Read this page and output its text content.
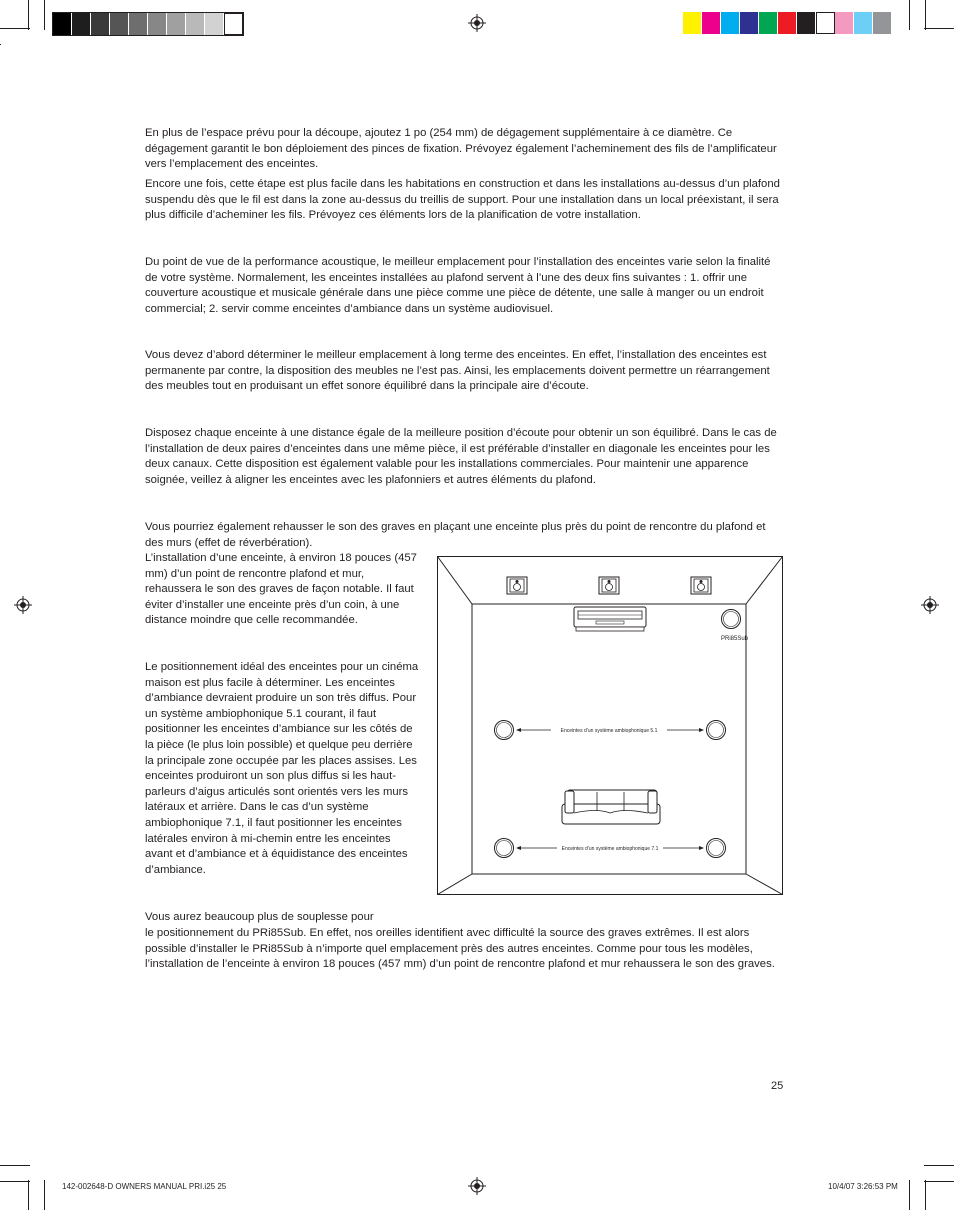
En plus de l’espace prévu pour la découpe, ajoutez 1 po (254 mm) de dégagement supplémentaire à ce diamètre. Ce dégagement garantit le bon déploiement des pinces de fixation. Prévoyez également l’acheminement des fils de l’amplificateur vers l’emplacement des enceintes.

Encore une fois, cette étape est plus facile dans les habitations en construction et dans les installations au-dessus d’un plafond suspendu dès que le fil est dans la zone au-dessus du treillis de support. Pour une installation dans un local préexistant, il sera plus difficile d’acheminer les fils. Prévoyez ces éléments lors de la planification de votre installation.

Du point de vue de la performance acoustique, le meilleur emplacement pour l’installation des enceintes varie selon la finalité de votre système. Normalement, les enceintes installées au plafond servent à l’une des deux fins suivantes : 1. offrir une couverture acoustique et musicale générale dans une pièce comme une pièce de détente, une salle à manger ou un endroit commercial; 2. servir comme enceintes d’ambiance dans un système audiovisuel.

Vous devez d’abord déterminer le meilleur emplacement à long terme des enceintes. En effet, l’installation des enceintes est permanente par contre, la disposition des meubles ne l’est pas. Ainsi, les emplacements doivent permettre un réarrangement des meubles tout en produisant un effet sonore équilibré dans la principale aire d’écoute.

Disposez chaque enceinte à une distance égale de la meilleure position d’écoute pour obtenir un son équilibré. Dans le cas de l’installation de deux paires d’enceintes dans une même pièce, il est préférable d’installer en diagonale les enceintes pour les deux canaux. Cette disposition est également valable pour les installations commerciales. Pour maintenir une apparence soignée, veillez à aligner les enceintes avec les plafonniers et autres éléments du plafond.

Vous pourriez également rehausser le son des graves en plaçant une enceinte plus près du point de rencontre du plafond et des murs (effet de réverbération).

L’installation d’une enceinte, à environ 18 pouces (457 mm) d’un point de rencontre plafond et mur, rehaussera le son des graves de façon notable. Il faut éviter d’installer une enceinte près d’un coin, à une distance moindre que celle recommandée.

Le positionnement idéal des enceintes pour un cinéma maison est plus facile à déterminer. Les enceintes d’ambiance devraient produire un son très diffus. Pour un système ambiophonique 5.1 courant, il faut positionner les enceintes d’ambiance sur les côtés de la pièce (le plus loin possible) et quelque peu derrière la principale zone occupée par les places assises. Les enceintes produiront un son plus diffus si les haut-parleurs d’aigus articulés sont orientés vers les murs latéraux et arrière. Dans le cas d’un système ambiophonique 7.1, il faut positionner les enceintes latérales environ à mi-chemin entre les enceintes avant et d’ambiance et à équidistance des enceintes d’ambiance.

Vous aurez beaucoup plus de souplesse pour

le positionnement du PRi85Sub. En effet, nos oreilles identifient avec difficulté la source des graves extrêmes. Il est alors possible d’installer le PRi85Sub à n’importe quel emplacement près des autres enceintes. Comme pour tous les modèles, l’installation de l’enceinte à environ 18 pouces (457 mm) d’un point de rencontre plafond et mur rehaussera le son des graves.

PRi85Sub
Enceintes d’un système ambiophonique 5.1
Enceintes d’un système ambiophonique 7.1
25
142-002648-D OWNERS MANUAL PRI.i25 25	10/4/07 3:26:53 PM
